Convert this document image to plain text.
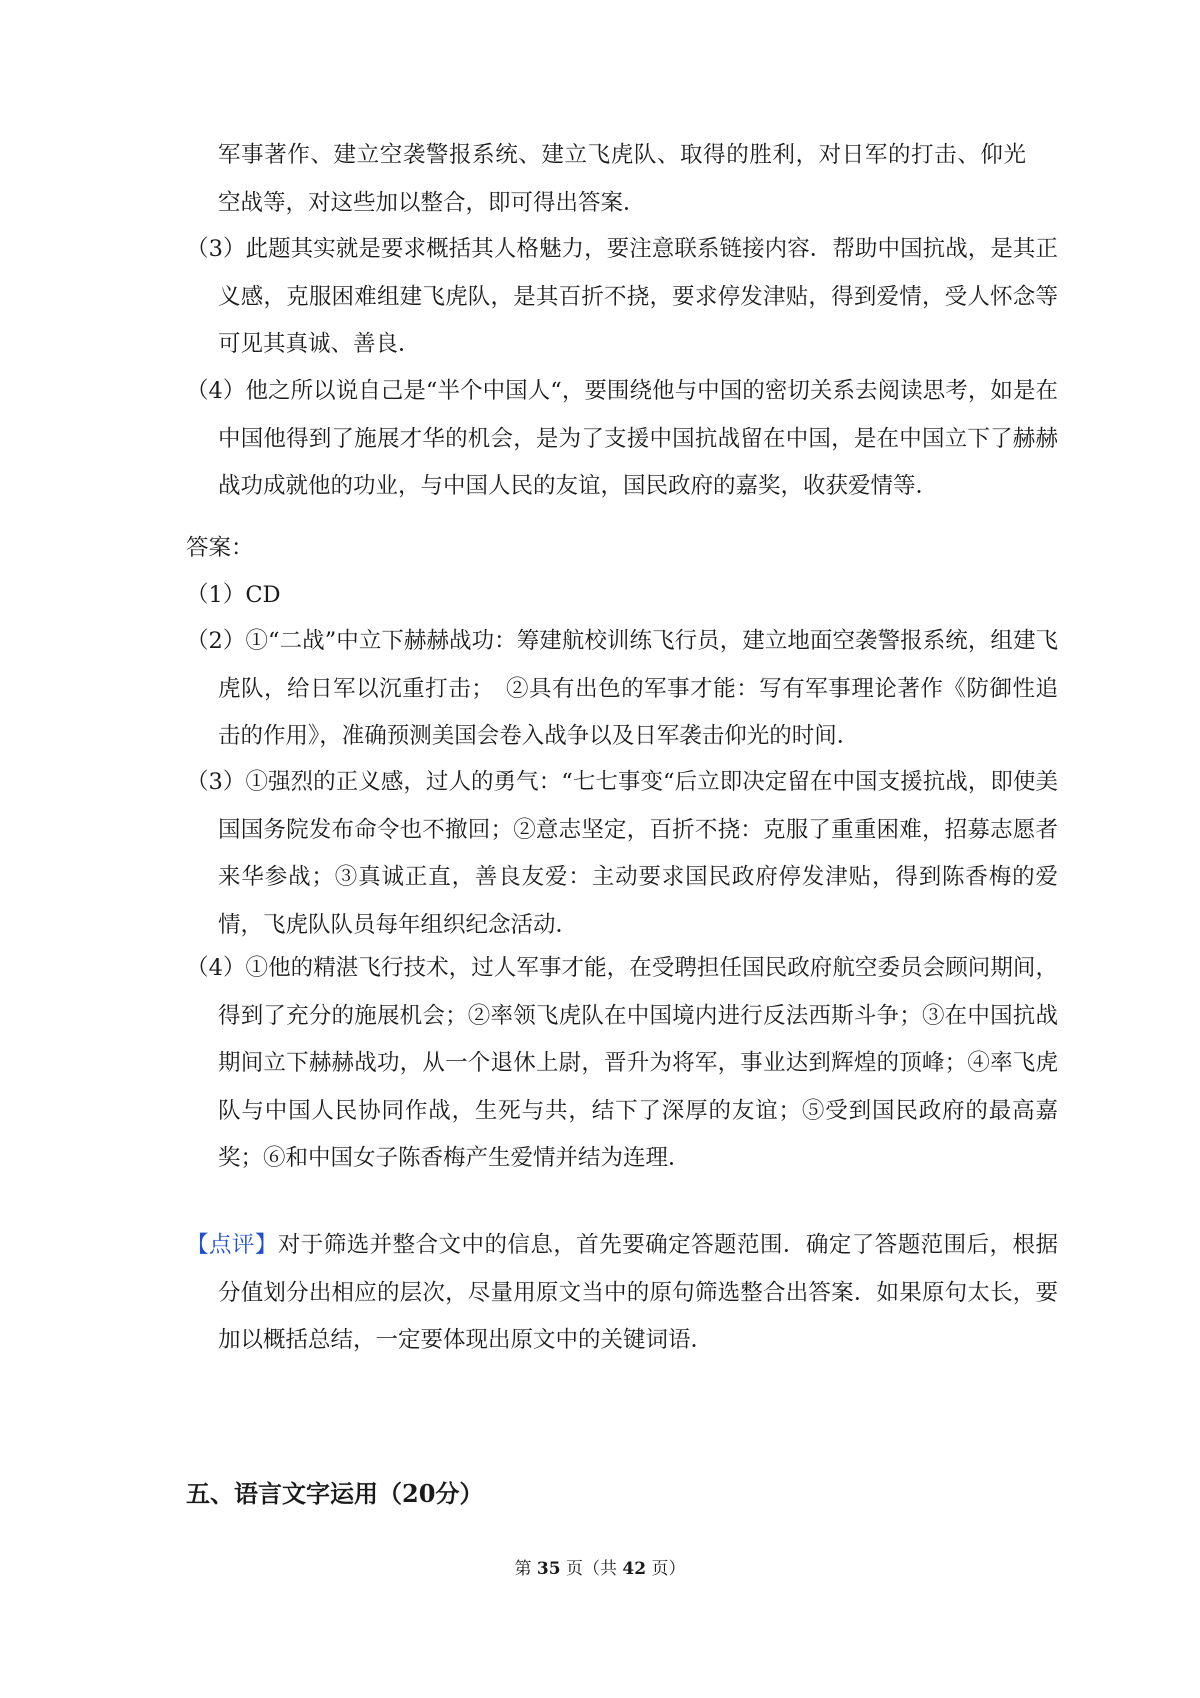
军事著作、建立空袭警报系统、建立飞虎队、取得的胜利，对日军的打击、仰光空战等，对这些加以整合，即可得出答案．
（3）此题其实就是要求概括其人格魅力，要注意联系链接内容．帮助中国抗战，是其正义感，克服困难组建飞虎队，是其百折不挠，要求停发津贴，得到爱情，受人怀念等可见其真诚、善良．
（4）他之所以说自己是“半个中国人“，要围绕他与中国的密切关系去阅读思考，如是在中国他得到了施展才华的机会，是为了支援中国抗战留在中国，是在中国立下了赫赫战功成就他的功业，与中国人民的友谊，国民政府的嘉奖，收获爱情等．
答案：
（1）CD
（2）①“二战”中立下赫赫战功：筹建航校训练飞行员，建立地面空袭警报系统，组建飞虎队，给日军以沉重打击；　②具有出色的军事才能：写有军事理论著作《防御性追击的作用》，准确预测美国会卷入战争以及日军袭击仰光的时间．
（3）①强烈的正义感，过人的勇气：“七七事变“后立即决定留在中国支援抗战，即使美国国务院发布命令也不撤回；②意志坚定，百折不挠：克服了重重困难，招募志愿者来华参战；③真诚正直，善良友爱：主动要求国民政府停发津贴，得到陈香梅的爱情，飞虎队队员每年组织纪念活动．
（4）①他的精湛飞行技术，过人军事才能，在受聘担任国民政府航空委员会顾问期间，得到了充分的施展机会；②率领飞虎队在中国境内进行反法西斯斗争；③在中国抗战期间立下赫赫战功，从一个退休上尉，晋升为将军，事业达到辉煌的顶峰；④率飞虎队与中国人民协同作战，生死与共，结下了深厚的友谊；⑤受到国民政府的最高嘉奖；⑥和中国女子陈香梅产生爱情并结为连理．
【点评】对于筛选并整合文中的信息，首先要确定答题范围．确定了答题范围后，根据分值划分出相应的层次，尽量用原文当中的原句筛选整合出答案．如果原句太长，要加以概括总结，一定要体现出原文中的关键词语．
五、语言文字运用（20分）
第 35 页（共 42 页）
